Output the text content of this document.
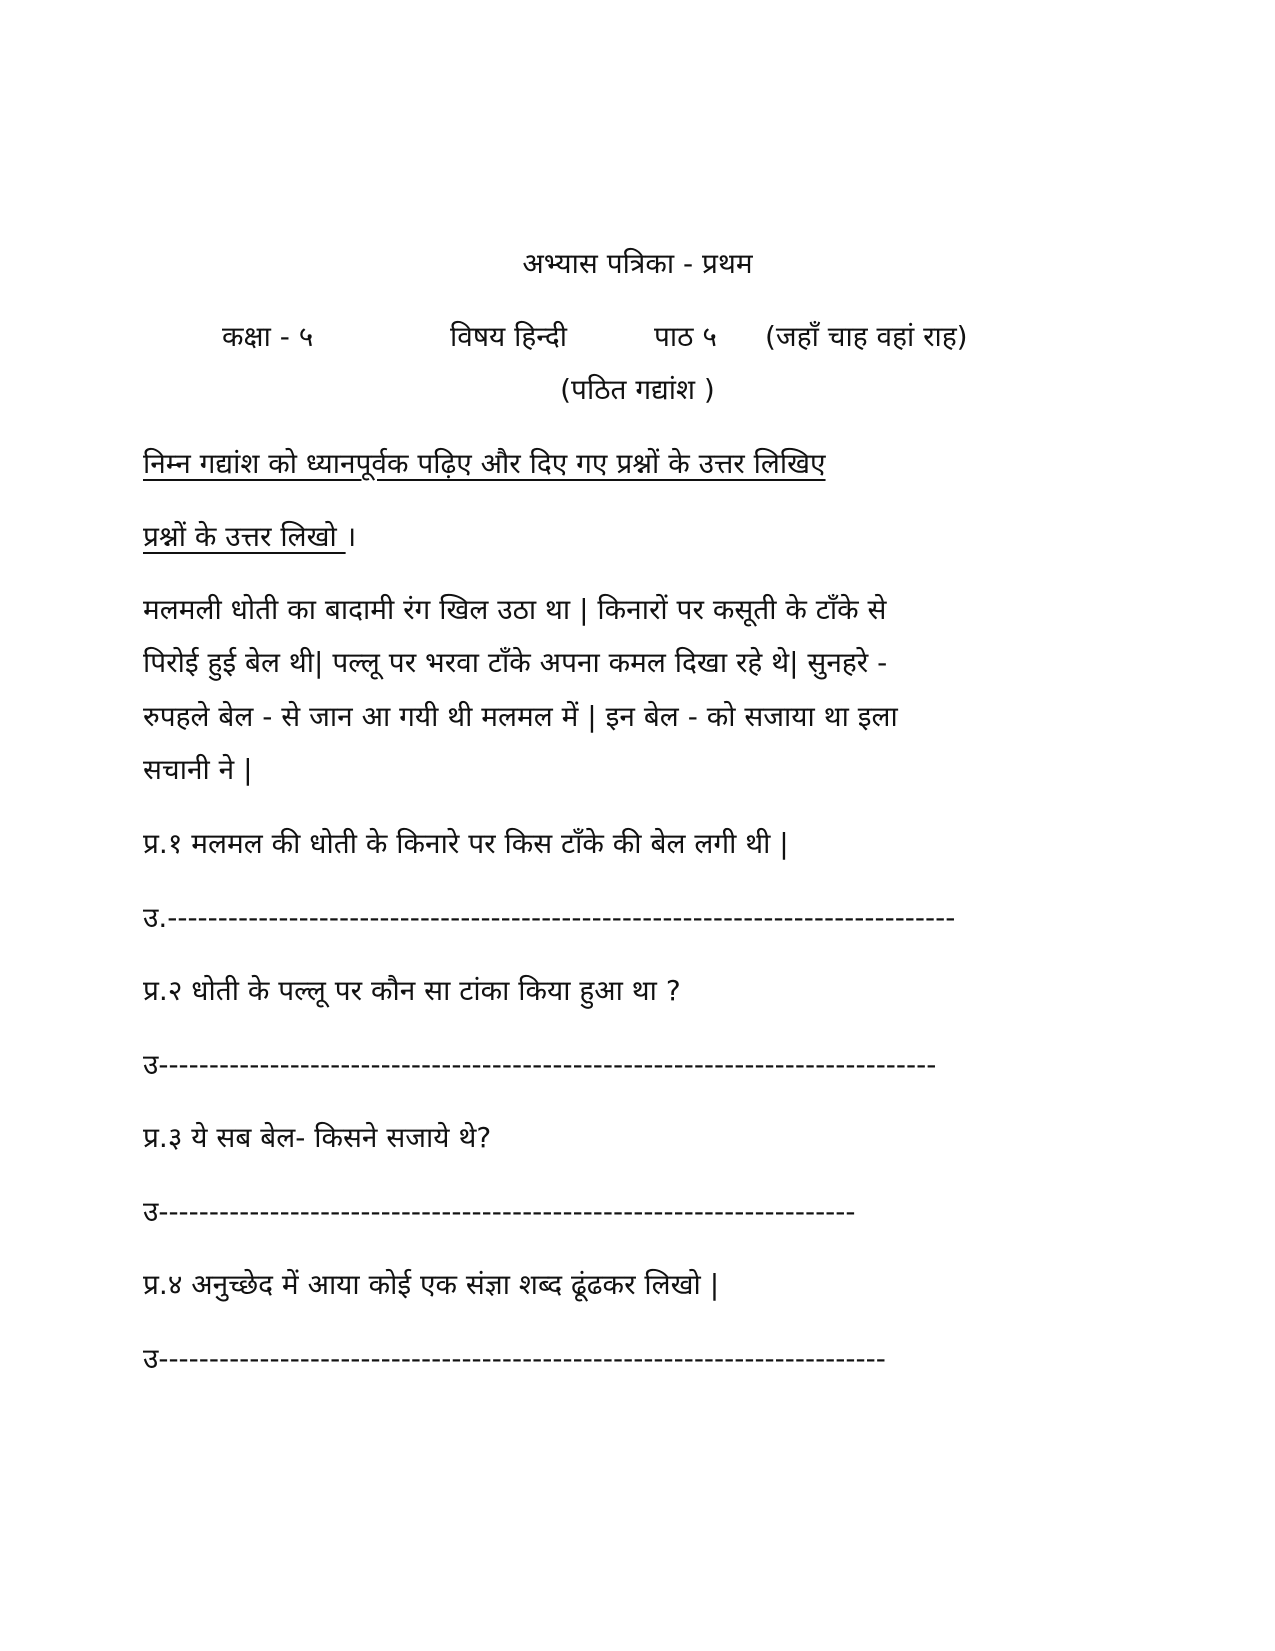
अभ्यास पत्रिका - प्रथम
कक्षा - ५	विषय हिन्दी	पाठ ५ (जहाँ चाह वहां राह)
(पठित गद्यांश )
निम्न गद्यांश को ध्यानपूर्वक पढ़िए और दिए गए प्रश्नों के उत्तर लिखिए
प्रश्नों के उत्तर लिखो ।
मलमली धोती का बादामी रंग खिल उठा था | किनारों पर कसूती के टाँके से
पिरोई हुई बेल थी| पल्लू पर भरवा टाँके अपना कमल दिखा रहे थे| सुनहरे -
रुपहले बेल - से जान आ गयी थी मलमल में | इन बेल - को सजाया था इला
सचानी ने |
प्र.१ मलमल की धोती के किनारे पर किस टाँके की बेल लगी थी |
उ.------------------------------------------------------------------------------
प्र.२ धोती के पल्लू पर कौन सा टांका किया हुआ था ?
उ-----------------------------------------------------------------------------
प्र.३ ये सब बेल- किसने सजाये थे?
उ---------------------------------------------------------------------
प्र.४ अनुच्छेद में आया कोई एक संज्ञा शब्द ढूंढकर लिखो |
उ------------------------------------------------------------------------
